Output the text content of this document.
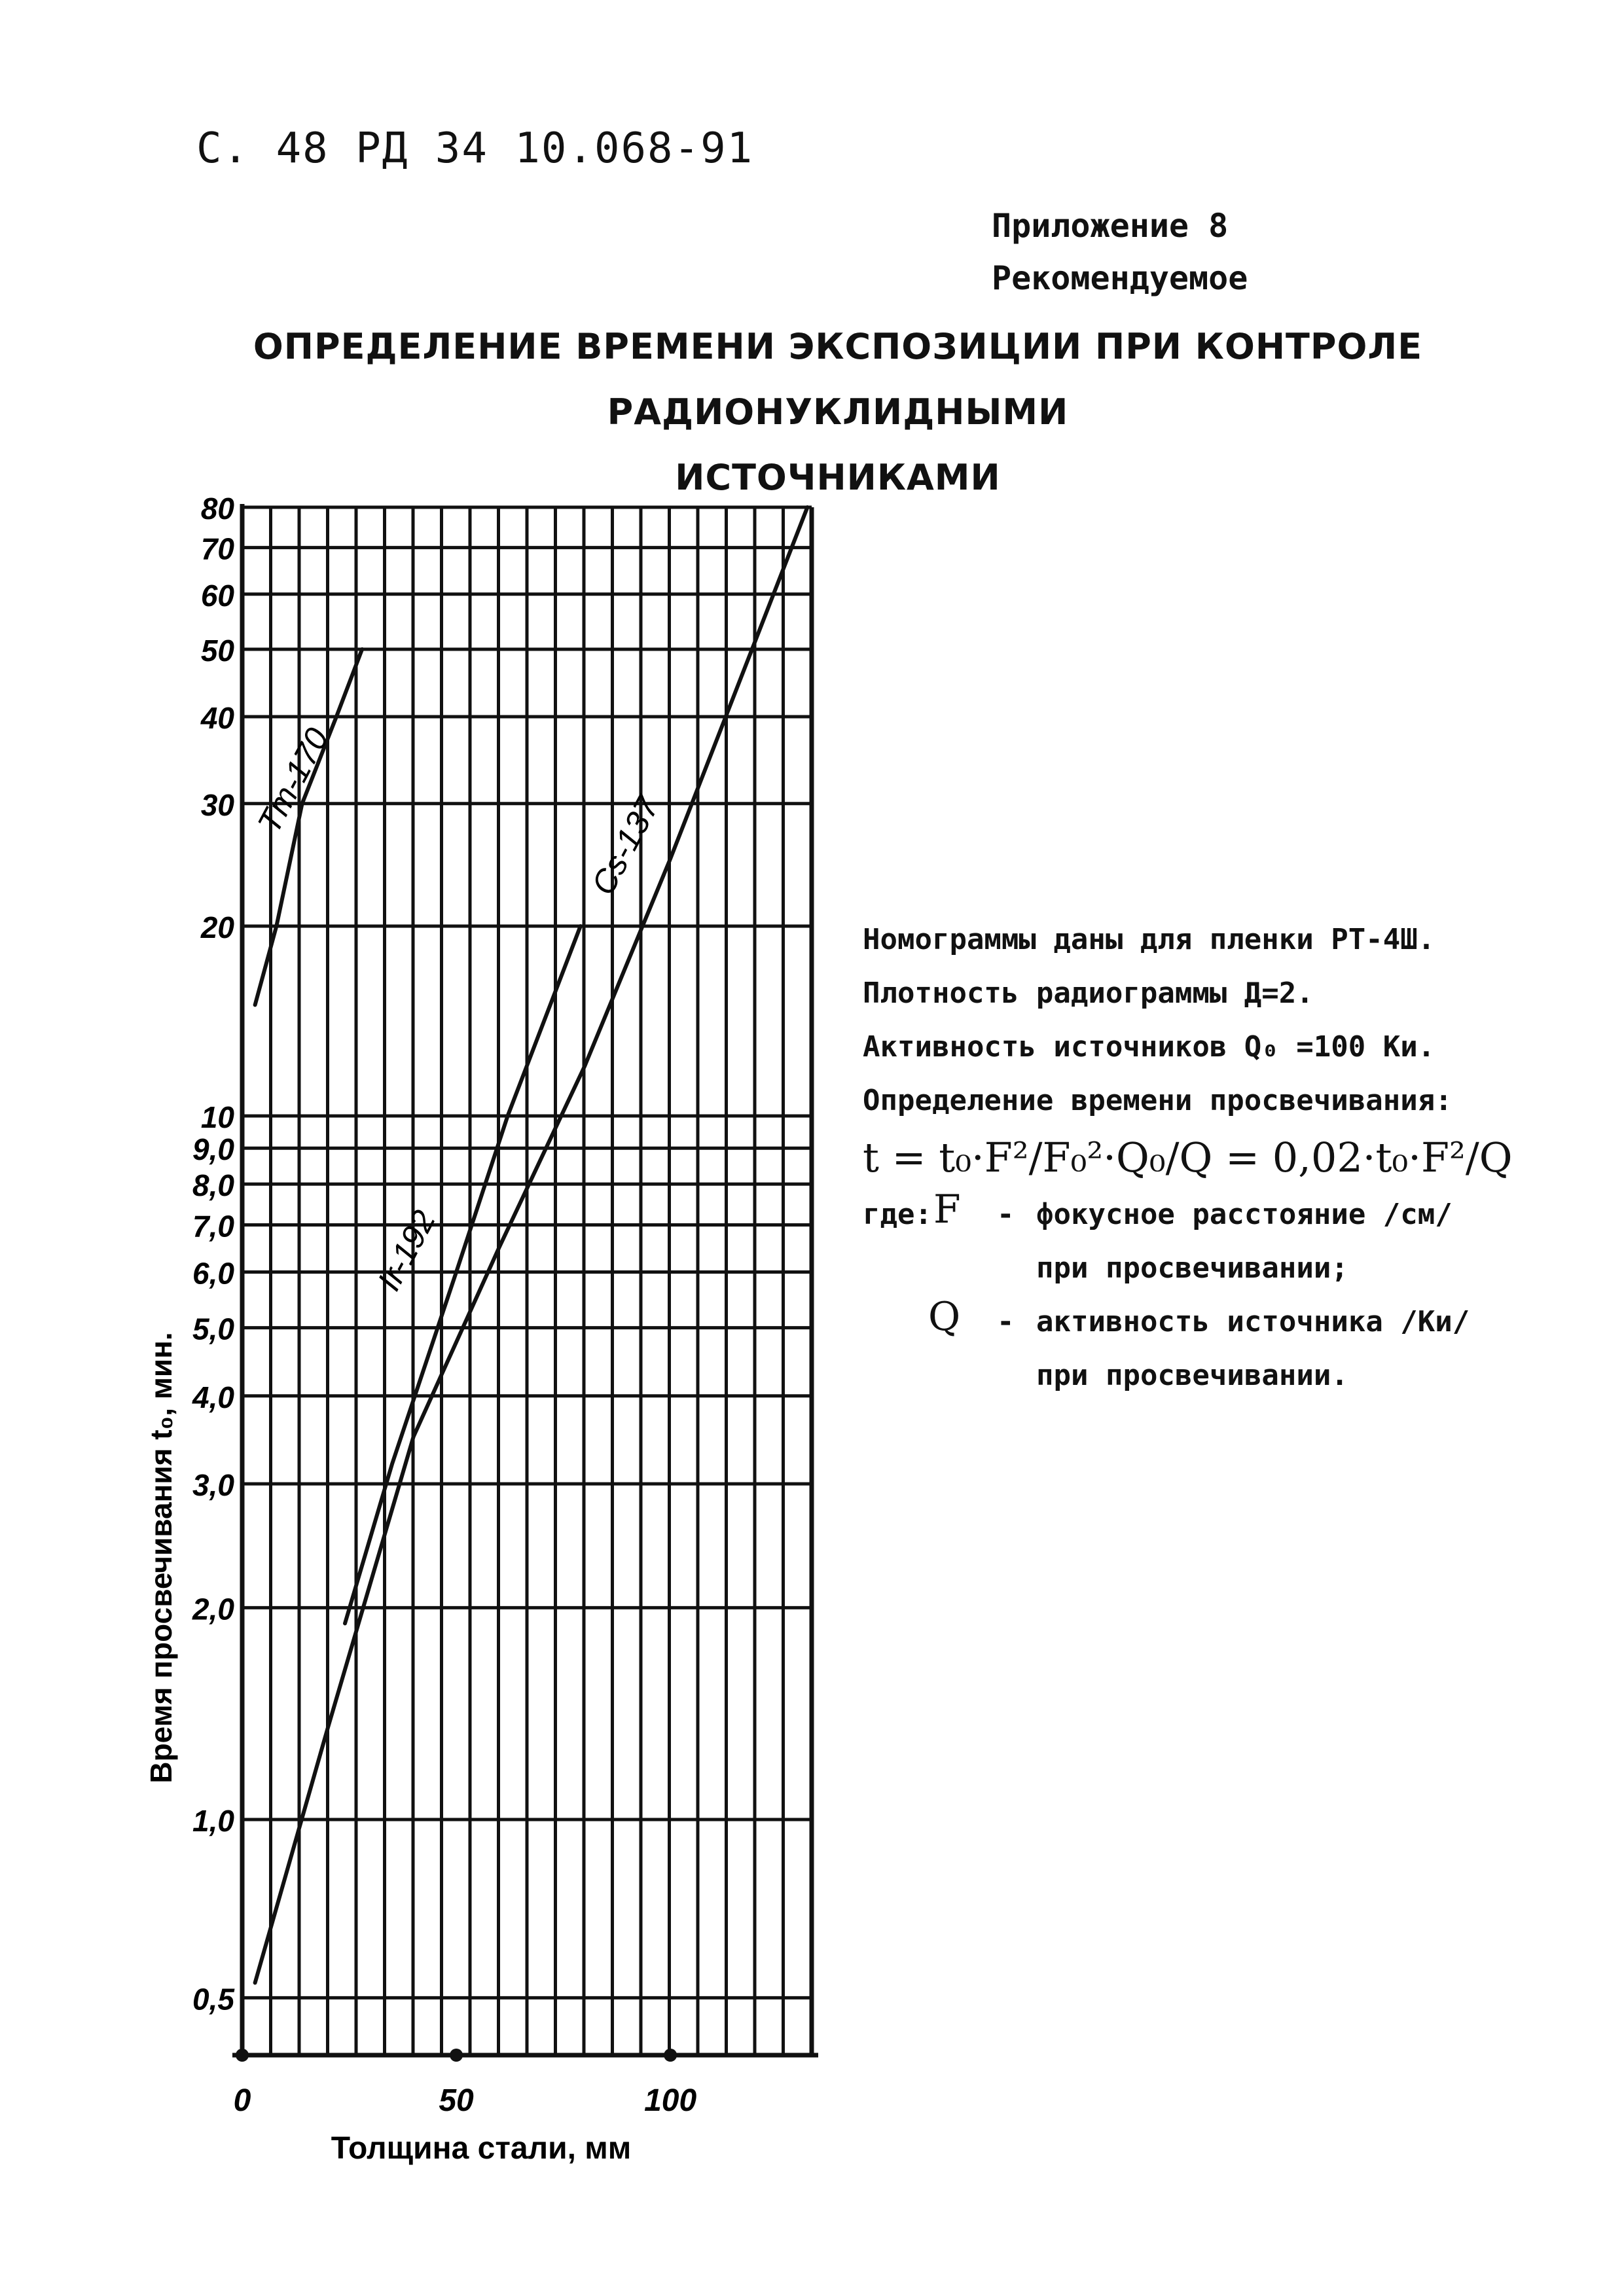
С. 48 РД 34 10.068-91
Приложение 8
Рекомендуемое
ОПРЕДЕЛЕНИЕ ВРЕМЕНИ ЭКСПОЗИЦИИ ПРИ КОНТРОЛЕ РАДИОНУКЛИДНЫМИ
ИСТОЧНИКАМИ
80
70
60
50
40
30
20
10
9,0
8,0
7,0
6,0
5,0
4,0
3,0
2,0
1,0
0,5
0	50	100
Толщина стали, мм
Время просвечивания t₀, мин.
Tm-170
Ir-192
Cs-137
Номограммы даны для пленки РТ-4Ш.
Плотность радиограммы Д=2.
Активность источников Q₀ =100 Ки.
Определение времени просвечивания:
t = t₀·F²/F₀²·Q₀/Q = 0,02·t₀·F²/Q
где: F - фокусное расстояние /см/
при просвечивании;
Q - активность источника /Ки/
при просвечивании.
